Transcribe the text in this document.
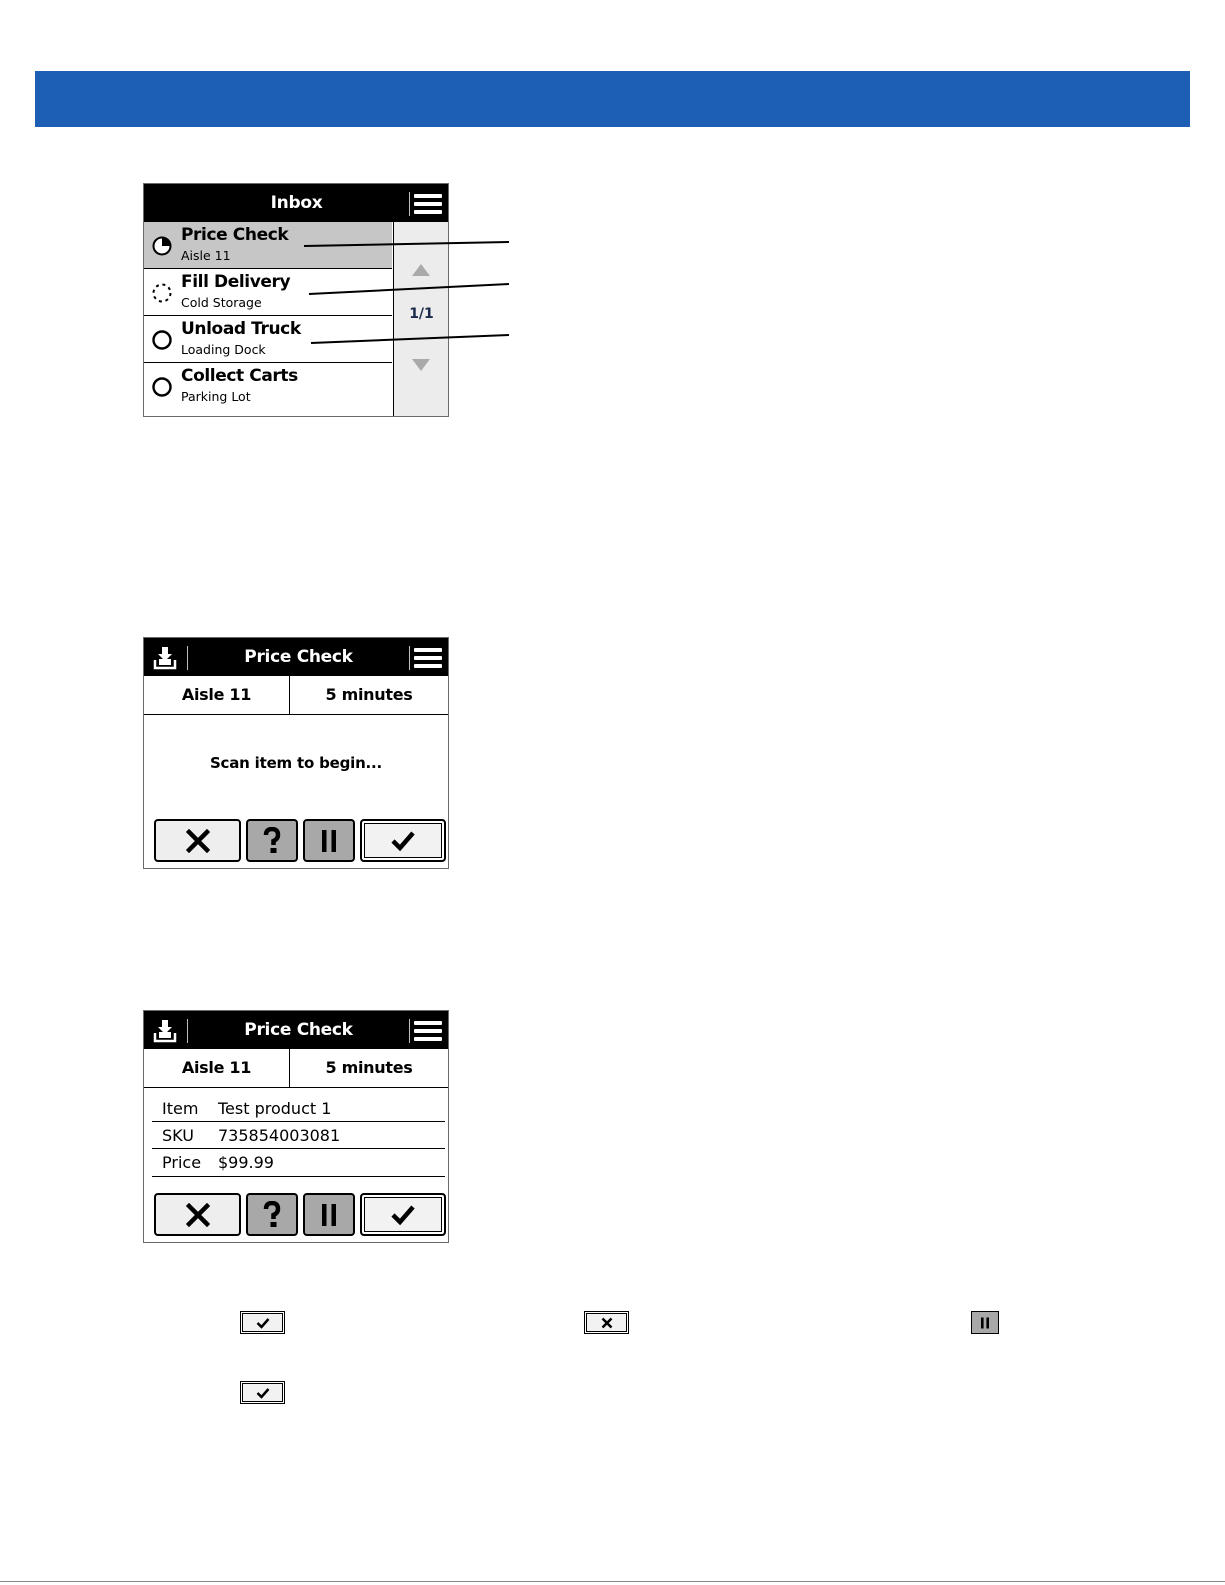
Inbox
Price Check
Aisle 11
Fill Delivery
Cold Storage
Unload Truck
Loading Dock
Collect Carts
Parking Lot
1/1
Price Check
Aisle 11	5 minutes
Scan item to begin...
Price Check
Aisle 11	5 minutes
Item Test product 1
SKU 735854003081
Price $99.99
